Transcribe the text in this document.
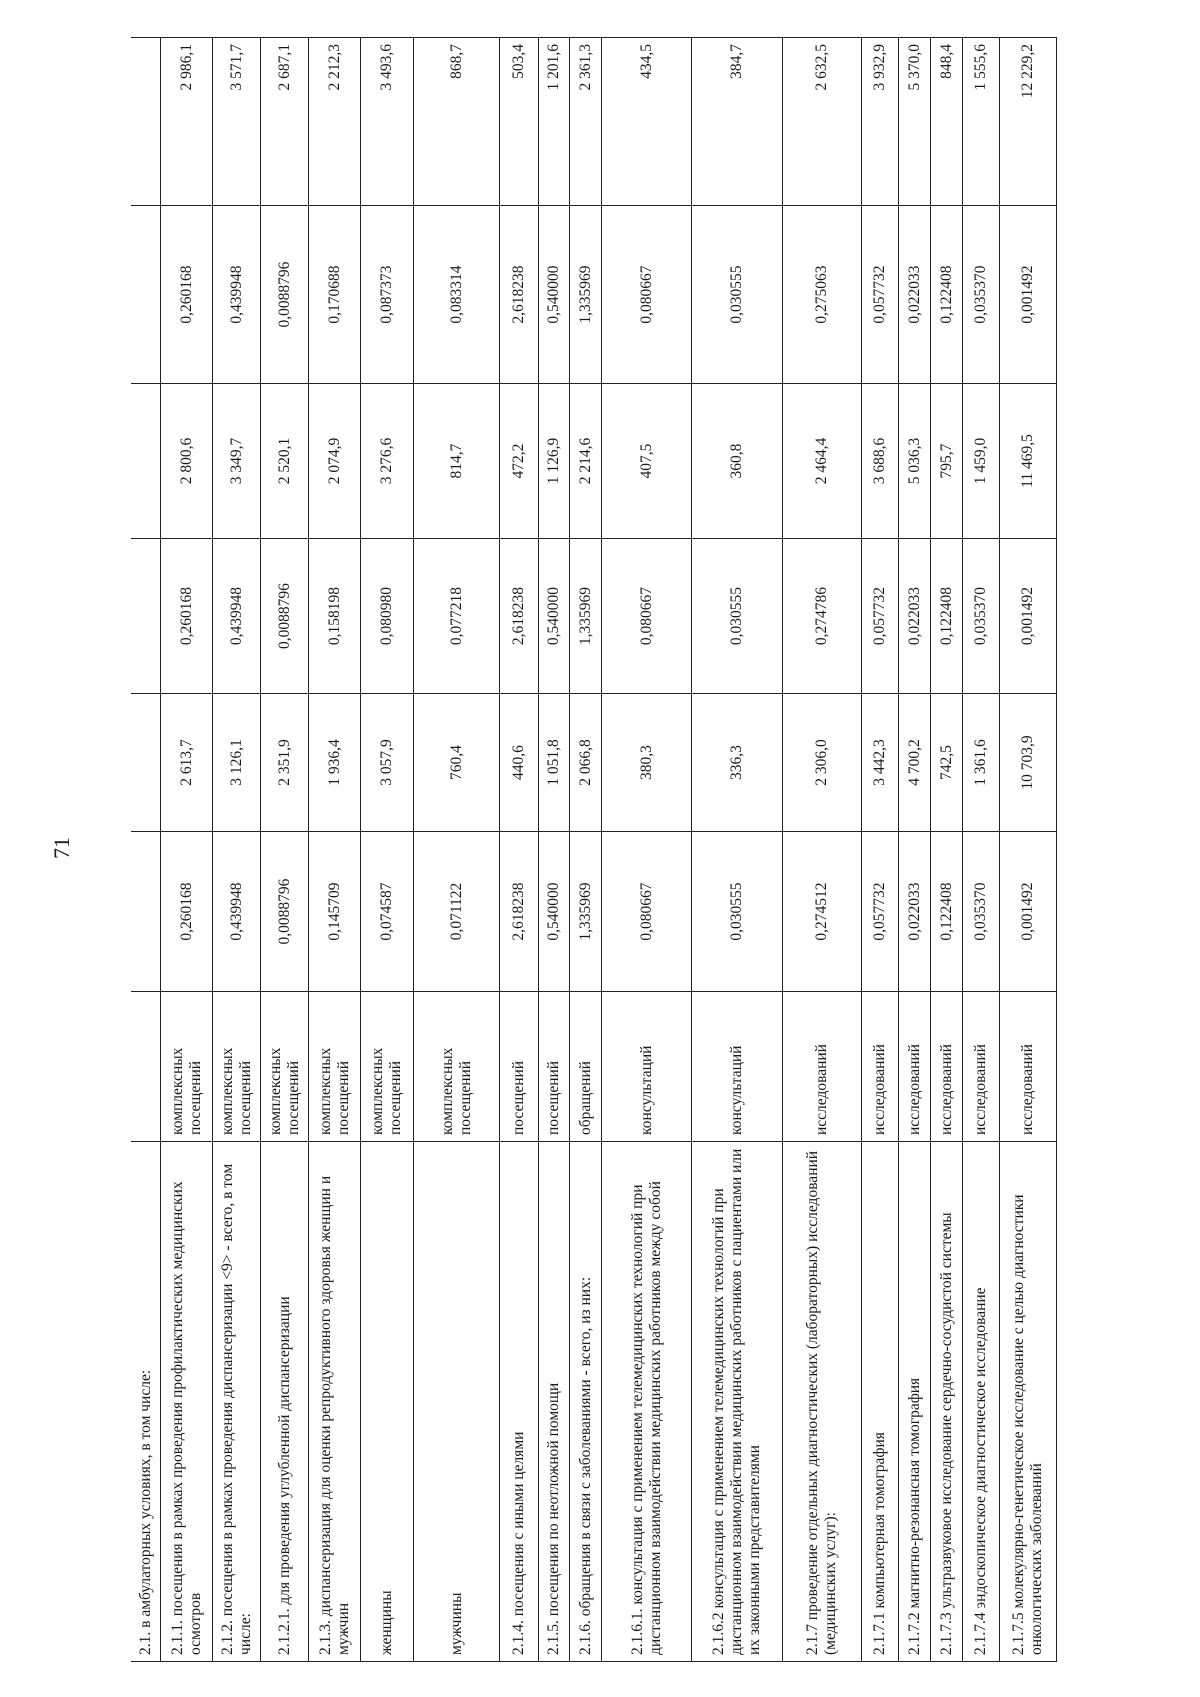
71
2.1. в амбулаторных условиях, в том числе:							
2.1.1. посещения в рамках проведения профилактических медицинских осмотров	комплексных посещений	0,260168	2 613,7	0,260168	2 800,6	0,260168	2 986,1
2.1.2. посещения в рамках проведения диспансеризации <9> - всего, в том числе:	комплексных посещений	0,439948	3 126,1	0,439948	3 349,7	0,439948	3 571,7
2.1.2.1. для проведения углубленной диспансеризации	комплексных посещений	0,0088796	2 351,9	0,0088796	2 520,1	0,0088796	2 687,1
2.1.3. диспансеризация для оценки репродуктивного здоровья женщин и мужчин	комплексных посещений	0,145709	1 936,4	0,158198	2 074,9	0,170688	2 212,3
женщины	комплексных посещений	0,074587	3 057,9	0,080980	3 276,6	0,087373	3 493,6
мужчины	комплексных посещений	0,071122	760,4	0,077218	814,7	0,083314	868,7
2.1.4. посещения с иными целями	посещений	2,618238	440,6	2,618238	472,2	2,618238	503,4
2.1.5. посещения по неотложной помощи	посещений	0,540000	1 051,8	0,540000	1 126,9	0,540000	1 201,6
2.1.6. обращения в связи с заболеваниями - всего, из них:	обращений	1,335969	2 066,8	1,335969	2 214,6	1,335969	2 361,3
2.1.6.1. консультация с применением телемедицинских технологий при дистанционном взаимодействии медицинских работников между собой	консультаций	0,080667	380,3	0,080667	407,5	0,080667	434,5
2.1.6.2 консультация с применением телемедицинских технологий при дистанционном взаимодействии медицинских работников с пациентами или их законными представителями	консультаций	0,030555	336,3	0,030555	360,8	0,030555	384,7
2.1.7 проведение отдельных диагностических (лабораторных) исследований (медицинских услуг):	исследований	0,274512	2 306,0	0,274786	2 464,4	0,275063	2 632,5
2.1.7.1 компьютерная томография	исследований	0,057732	3 442,3	0,057732	3 688,6	0,057732	3 932,9
2.1.7.2 магнитно-резонансная томография	исследований	0,022033	4 700,2	0,022033	5 036,3	0,022033	5 370,0
2.1.7.3 ультразвуковое исследование сердечно-сосудистой системы	исследований	0,122408	742,5	0,122408	795,7	0,122408	848,4
2.1.7.4 эндоскопическое диагностическое исследование	исследований	0,035370	1 361,6	0,035370	1 459,0	0,035370	1 555,6
2.1.7.5 молекулярно-генетическое исследование с целью диагностики онкологических заболеваний	исследований	0,001492	10 703,9	0,001492	11 469,5	0,001492	12 229,2
